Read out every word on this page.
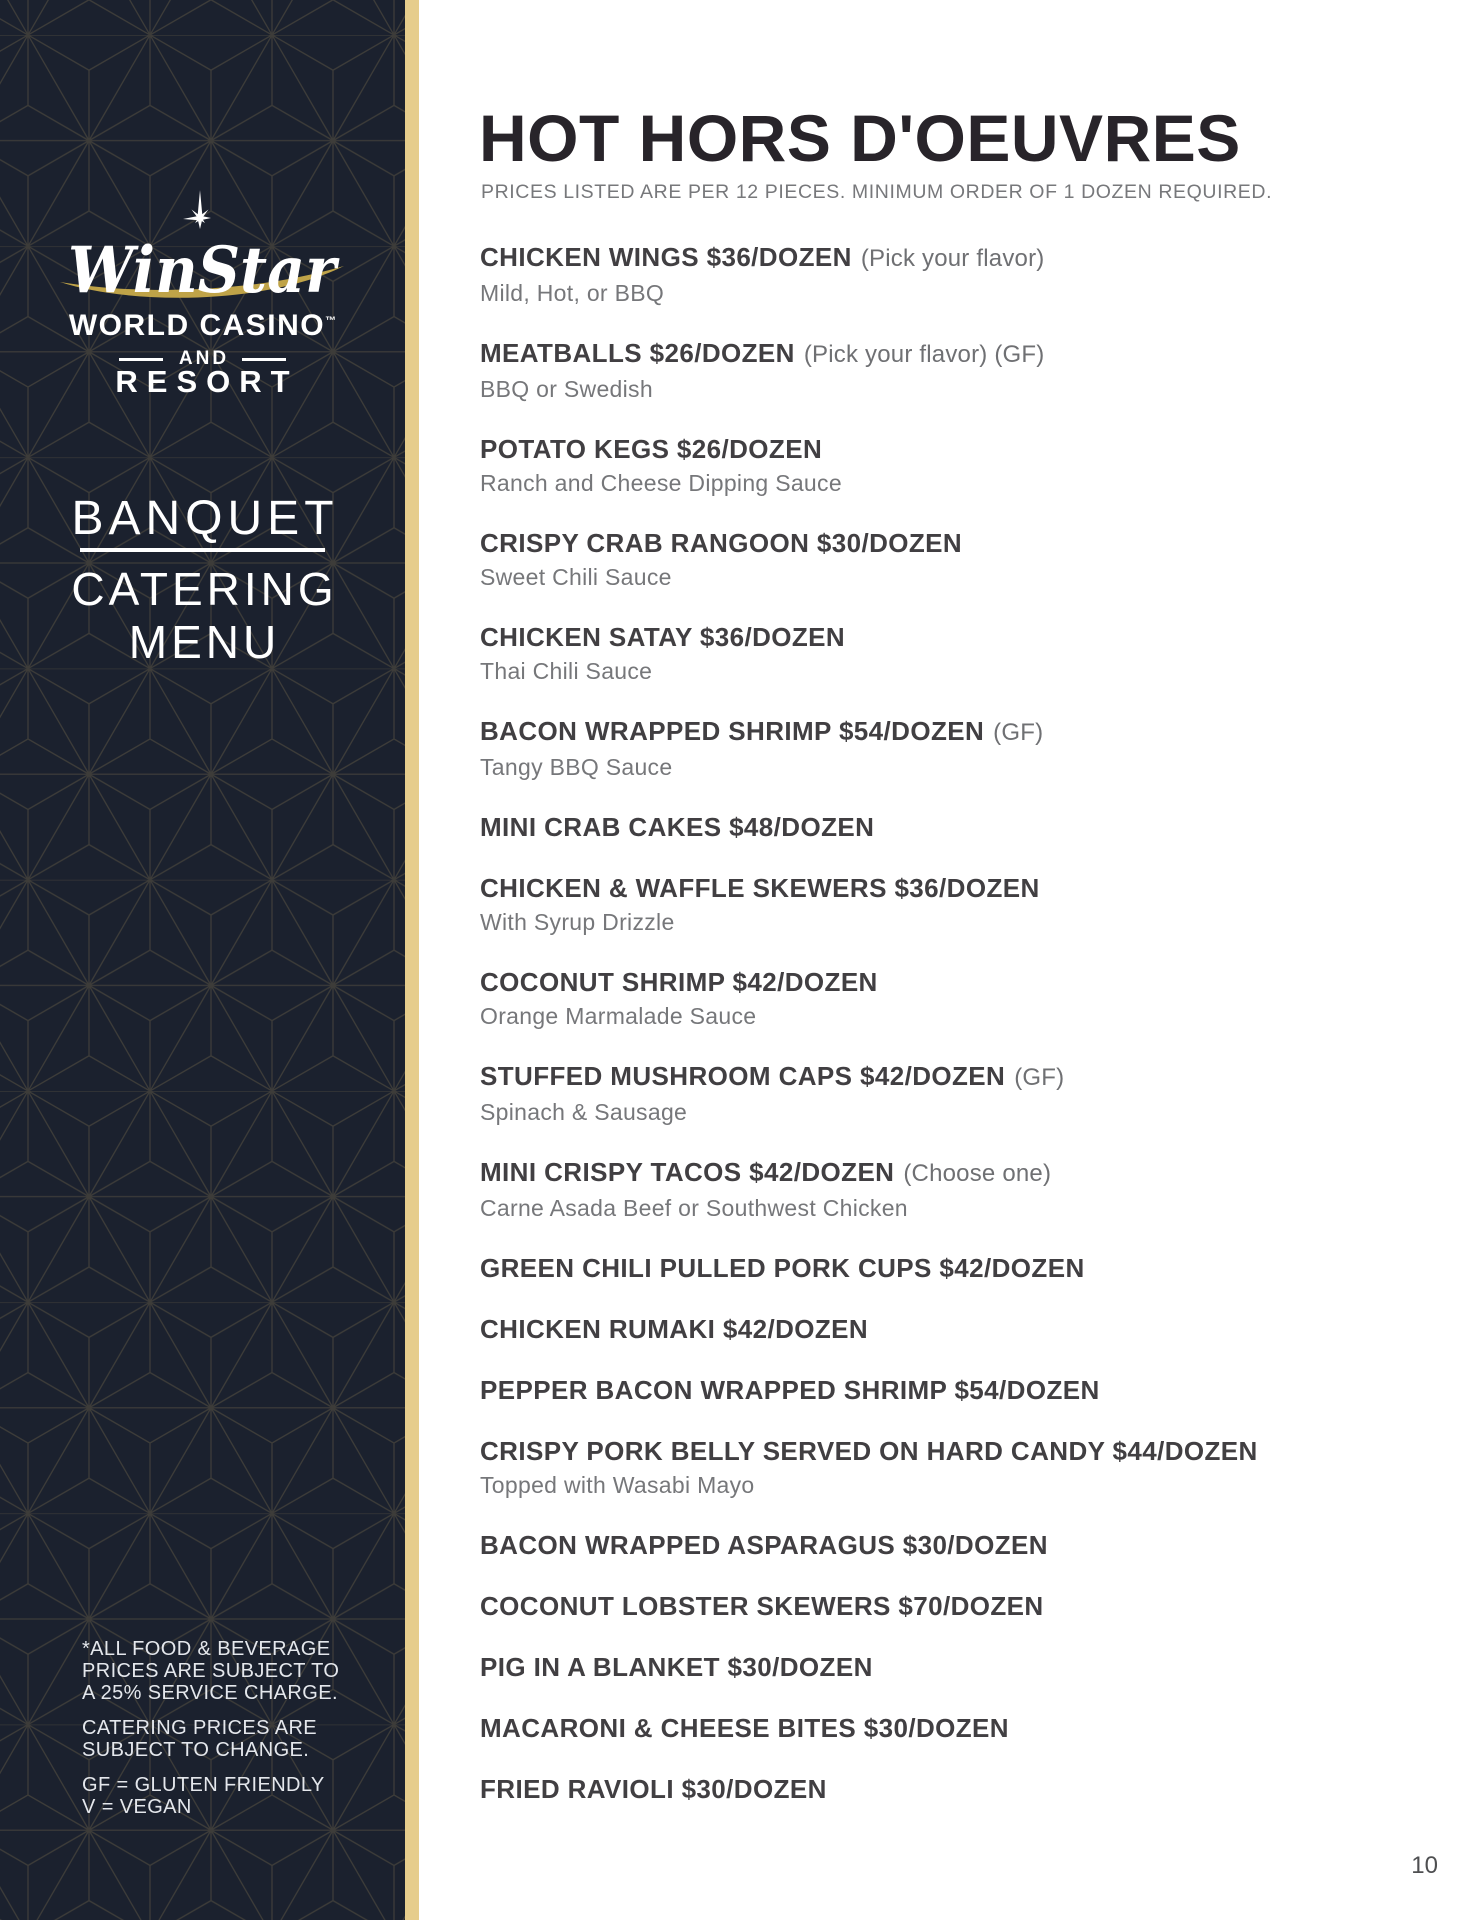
WinStar
WORLD CASINO™
AND
RESORT
BANQUET
CATERING
MENU
*ALL FOOD & BEVERAGE
PRICES ARE SUBJECT TO
A 25% SERVICE CHARGE.
CATERING PRICES ARE
SUBJECT TO CHANGE.
GF = GLUTEN FRIENDLY
V = VEGAN
HOT HORS D'OEUVRES
PRICES LISTED ARE PER 12 PIECES. MINIMUM ORDER OF 1 DOZEN REQUIRED.
CHICKEN WINGS $36/DOZEN (Pick your flavor)
Mild, Hot, or BBQ
MEATBALLS $26/DOZEN (Pick your flavor) (GF)
BBQ or Swedish
POTATO KEGS $26/DOZEN
Ranch and Cheese Dipping Sauce
CRISPY CRAB RANGOON $30/DOZEN
Sweet Chili Sauce
CHICKEN SATAY $36/DOZEN
Thai Chili Sauce
BACON WRAPPED SHRIMP $54/DOZEN (GF)
Tangy BBQ Sauce
MINI CRAB CAKES $48/DOZEN
CHICKEN & WAFFLE SKEWERS $36/DOZEN
With Syrup Drizzle
COCONUT SHRIMP $42/DOZEN
Orange Marmalade Sauce
STUFFED MUSHROOM CAPS $42/DOZEN (GF)
Spinach & Sausage
MINI CRISPY TACOS $42/DOZEN (Choose one)
Carne Asada Beef or Southwest Chicken
GREEN CHILI PULLED PORK CUPS $42/DOZEN
CHICKEN RUMAKI $42/DOZEN
PEPPER BACON WRAPPED SHRIMP $54/DOZEN
CRISPY PORK BELLY SERVED ON HARD CANDY $44/DOZEN
Topped with Wasabi Mayo
BACON WRAPPED ASPARAGUS $30/DOZEN
COCONUT LOBSTER SKEWERS $70/DOZEN
PIG IN A BLANKET $30/DOZEN
MACARONI & CHEESE BITES $30/DOZEN
FRIED RAVIOLI $30/DOZEN
10
